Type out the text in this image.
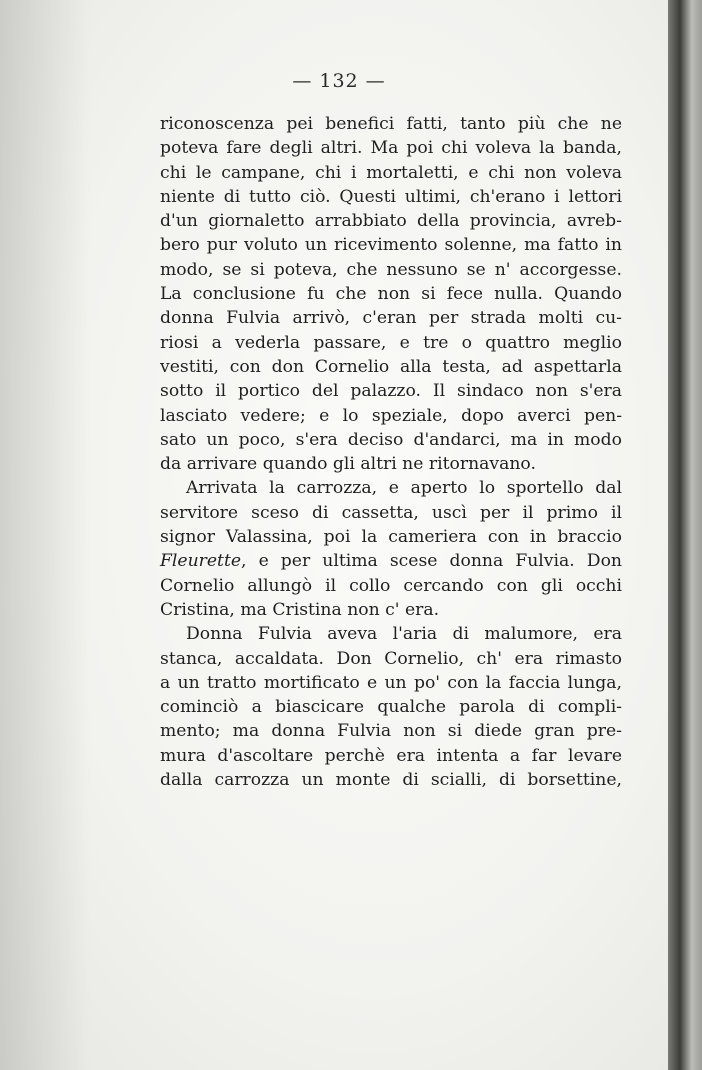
— 132 —
riconoscenza pei benefici fatti, tanto più che ne
poteva fare degli altri. Ma poi chi voleva la banda,
chi le campane, chi i mortaletti, e chi non voleva
niente di tutto ciò. Questi ultimi, ch'erano i lettori
d'un giornaletto arrabbiato della provincia, avreb-
bero pur voluto un ricevimento solenne, ma fatto in
modo, se si poteva, che nessuno se n' accorgesse.
La conclusione fu che non si fece nulla. Quando
donna Fulvia arrivò, c'eran per strada molti cu-
riosi a vederla passare, e tre o quattro meglio
vestiti, con don Cornelio alla testa, ad aspettarla
sotto il portico del palazzo. Il sindaco non s'era
lasciato vedere; e lo speziale, dopo averci pen-
sato un poco, s'era deciso d'andarci, ma in modo
da arrivare quando gli altri ne ritornavano.
Arrivata la carrozza, e aperto lo sportello dal
servitore sceso di cassetta, uscì per il primo il
signor Valassina, poi la cameriera con in braccio
Fleurette, e per ultima scese donna Fulvia. Don
Cornelio allungò il collo cercando con gli occhi
Cristina, ma Cristina non c' era.
Donna Fulvia aveva l'aria di malumore, era
stanca, accaldata. Don Cornelio, ch' era rimasto
a un tratto mortificato e un po' con la faccia lunga,
cominciò a biascicare qualche parola di compli-
mento; ma donna Fulvia non si diede gran pre-
mura d'ascoltare perchè era intenta a far levare
dalla carrozza un monte di scialli, di borsettine,
